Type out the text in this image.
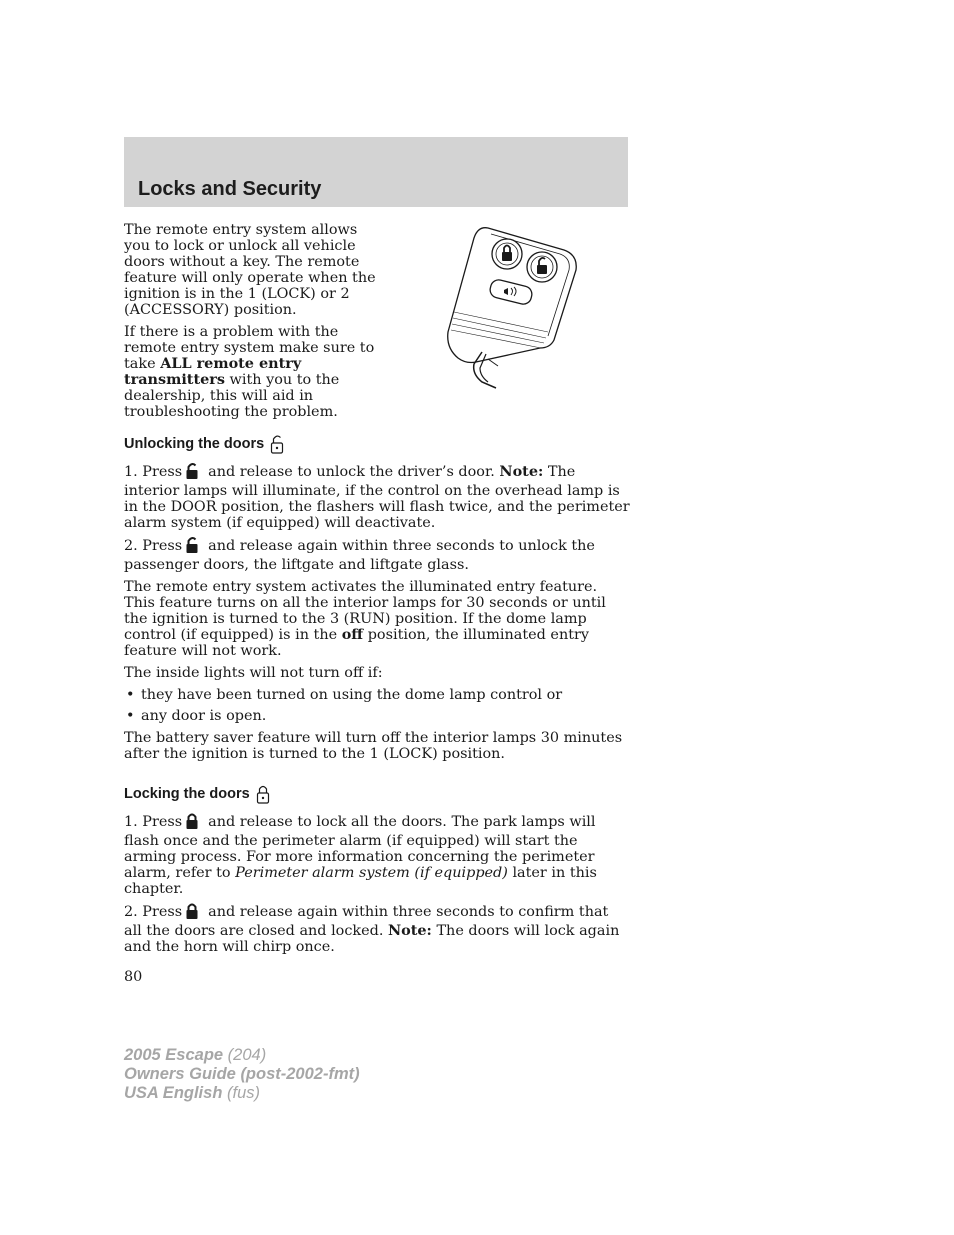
Locks and Security

The remote entry system allows you to lock or unlock all vehicle doors without a key. The remote feature will only operate when the ignition is in the 1 (LOCK) or 2 (ACCESSORY) position.

If there is a problem with the remote entry system make sure to take ALL remote entry transmitters with you to the dealership, this will aid in troubleshooting the problem.

Unlocking the doors

1. Press and release to unlock the driver’s door. Note: The interior lamps will illuminate, if the control on the overhead lamp is in the DOOR position, the flashers will flash twice, and the perimeter alarm system (if equipped) will deactivate.

2. Press and release again within three seconds to unlock the passenger doors, the liftgate and liftgate glass.

The remote entry system activates the illuminated entry feature. This feature turns on all the interior lamps for 30 seconds or until the ignition is turned to the 3 (RUN) position. If the dome lamp control (if equipped) is in the off position, the illuminated entry feature will not work.

The inside lights will not turn off if:

• they have been turned on using the dome lamp control or
• any door is open.

The battery saver feature will turn off the interior lamps 30 minutes after the ignition is turned to the 1 (LOCK) position.

Locking the doors

1. Press and release to lock all the doors. The park lamps will flash once and the perimeter alarm (if equipped) will start the arming process. For more information concerning the perimeter alarm, refer to Perimeter alarm system (if equipped) later in this chapter.

2. Press and release again within three seconds to confirm that all the doors are closed and locked. Note: The doors will lock again and the horn will chirp once.

80
2005 Escape (204)
Owners Guide (post-2002-fmt)
USA English (fus)
